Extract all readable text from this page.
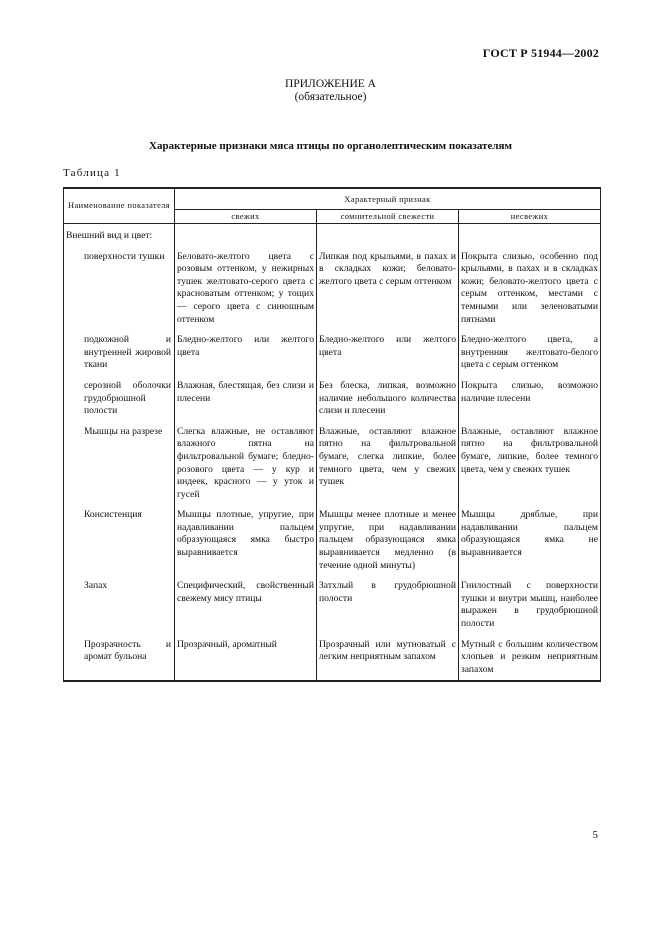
ГОСТ Р 51944—2002
ПРИЛОЖЕНИЕ А
(обязательное)
Характерные признаки мяса птицы по органолептическим показателям
Таблица 1
Наименование показателя	Характерный признак		
	свежих	сомнительной свежести	несвежих
Внешний вид и цвет:			
поверхности тушки	Беловато-желтого цвета с розовым оттенком, у нежирных тушек желтовато-серого цвета с красноватым оттенком; у тощих — серого цвета с синюшным оттенком	Липкая под крыльями, в пахах и в складках кожи; беловато-желтого цвета с серым оттенком	Покрыта слизью, особенно под крыльями, в пахах и в складках кожи; беловато-желтого цвета с серым оттенком, местами с темными или зеленоватыми пятнами
подкожной и внутренней жировой ткани	Бледно-желтого или желтого цвета	Бледно-желтого или желтого цвета	Бледно-желтого цвета, а внутренняя желтовато-белого цвета с серым оттенком
серозной оболочки грудобрюшной полости	Влажная, блестящая, без слизи и плесени	Без блеска, липкая, возможно наличие небольшого количества слизи и плесени	Покрыта слизью, возможно наличие плесени
Мышцы на разрезе	Слегка влажные, не оставляют влажного пятна на фильтровальной бумаге; бледно-розового цвета — у кур и индеек, красного — у уток и гусей	Влажные, оставляют влажное пятно на фильтровальной бумаге, слегка липкие, более темного цвета, чем у свежих тушек	Влажные, оставляют влажное пятно на фильтровальной бумаге, липкие, более темного цвета, чем у свежих тушек
Консистенция	Мышцы плотные, упругие, при надавливании пальцем образующаяся ямка быстро выравнивается	Мышцы менее плотные и менее упругие, при надавливании пальцем образующаяся ямка выравнивается медленно (в течение одной минуты)	Мышцы дряблые, при надавливании пальцем образующаяся ямка не выравнивается
Запах	Специфический, свойственный свежему мясу птицы	Затхлый в грудобрюшной полости	Гнилостный с поверхности тушки и внутри мышц, наиболее выражен в грудобрюшной полости
Прозрачность и аромат бульона	Прозрачный, ароматный	Прозрачный или мутноватый с легким неприятным запахом	Мутный с большим количеством хлопьев и резким неприятным запахом
5
